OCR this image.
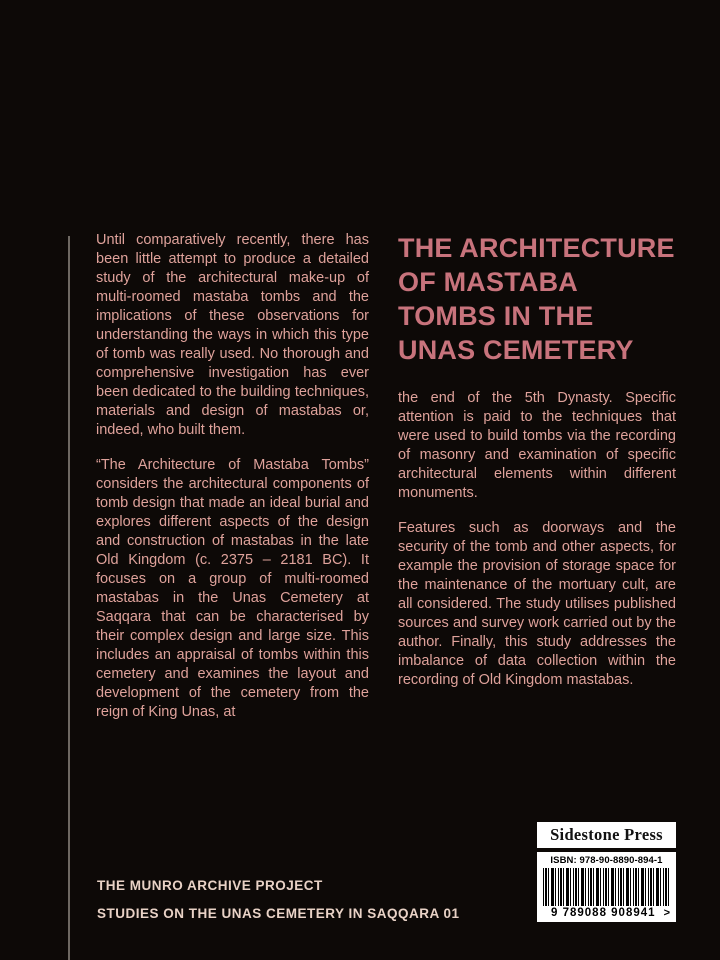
Until comparatively recently, there has been little attempt to produce a detailed study of the architectural make-up of multi-roomed mastaba tombs and the implications of these observations for understanding the ways in which this type of tomb was really used. No thorough and comprehensive investigation has ever been dedicated to the building techniques, materials and design of mastabas or, indeed, who built them.

“The Architecture of Mastaba Tombs” considers the architectural components of tomb design that made an ideal burial and explores different aspects of the design and construction of mastabas in the late Old Kingdom (c. 2375 – 2181 BC). It focuses on a group of multi-roomed mastabas in the Unas Cemetery at Saqqara that can be characterised by their complex design and large size. This includes an appraisal of tombs within this cemetery and examines the layout and development of the cemetery from the reign of King Unas, at

THE ARCHITECTURE
OF MASTABA
TOMBS IN THE
UNAS CEMETERY

the end of the 5th Dynasty. Specific attention is paid to the techniques that were used to build tombs via the recording of masonry and examination of specific architectural elements within different monuments.

Features such as doorways and the security of the tomb and other aspects, for example the provision of storage space for the maintenance of the mortuary cult, are all considered. The study utilises published sources and survey work carried out by the author. Finally, this study addresses the imbalance of data collection within the recording of Old Kingdom mastabas.

THE MUNRO ARCHIVE PROJECT
STUDIES ON THE UNAS CEMETERY IN SAQQARA 01
Sidestone Press
ISBN: 978-90-8890-894-1
9 789088 908941 >
